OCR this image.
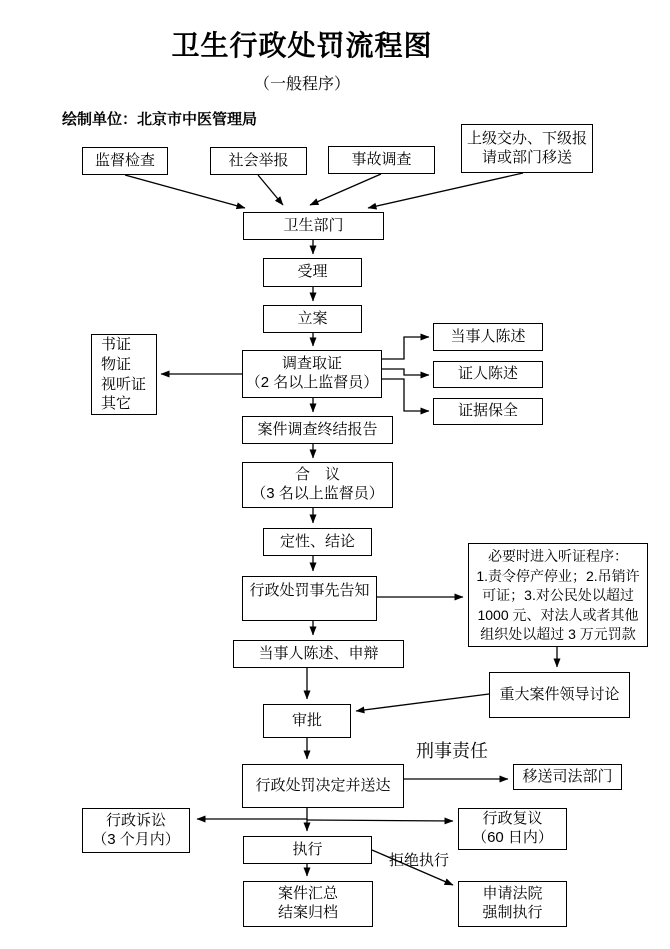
卫生行政处罚流程图
（一般程序）
绘制单位：北京市中医管理局
监督检查	社会举报	事故调查
上级交办、下级报
请或部门移送
卫生部门
受理
立案
书证
物证
视听证
其它
调查取证
（2 名以上监督员）
当事人陈述
证人陈述
证据保全
案件调查终结报告
合　议
（3 名以上监督员）
定性、结论
行政处罚事先告知
当事人陈述、申辩
必要时进入听证程序：
1.责令停产停业；2.吊销许
可证；3.对公民处以超过
1000 元、对法人或者其他
组织处以超过 3 万元罚款
重大案件领导讨论
审批
行政处罚决定并送达
移送司法部门
行政诉讼
（3 个月内）
行政复议
（60 日内）
执行
案件汇总
结案归档
申请法院
强制执行
刑事责任
拒绝执行
